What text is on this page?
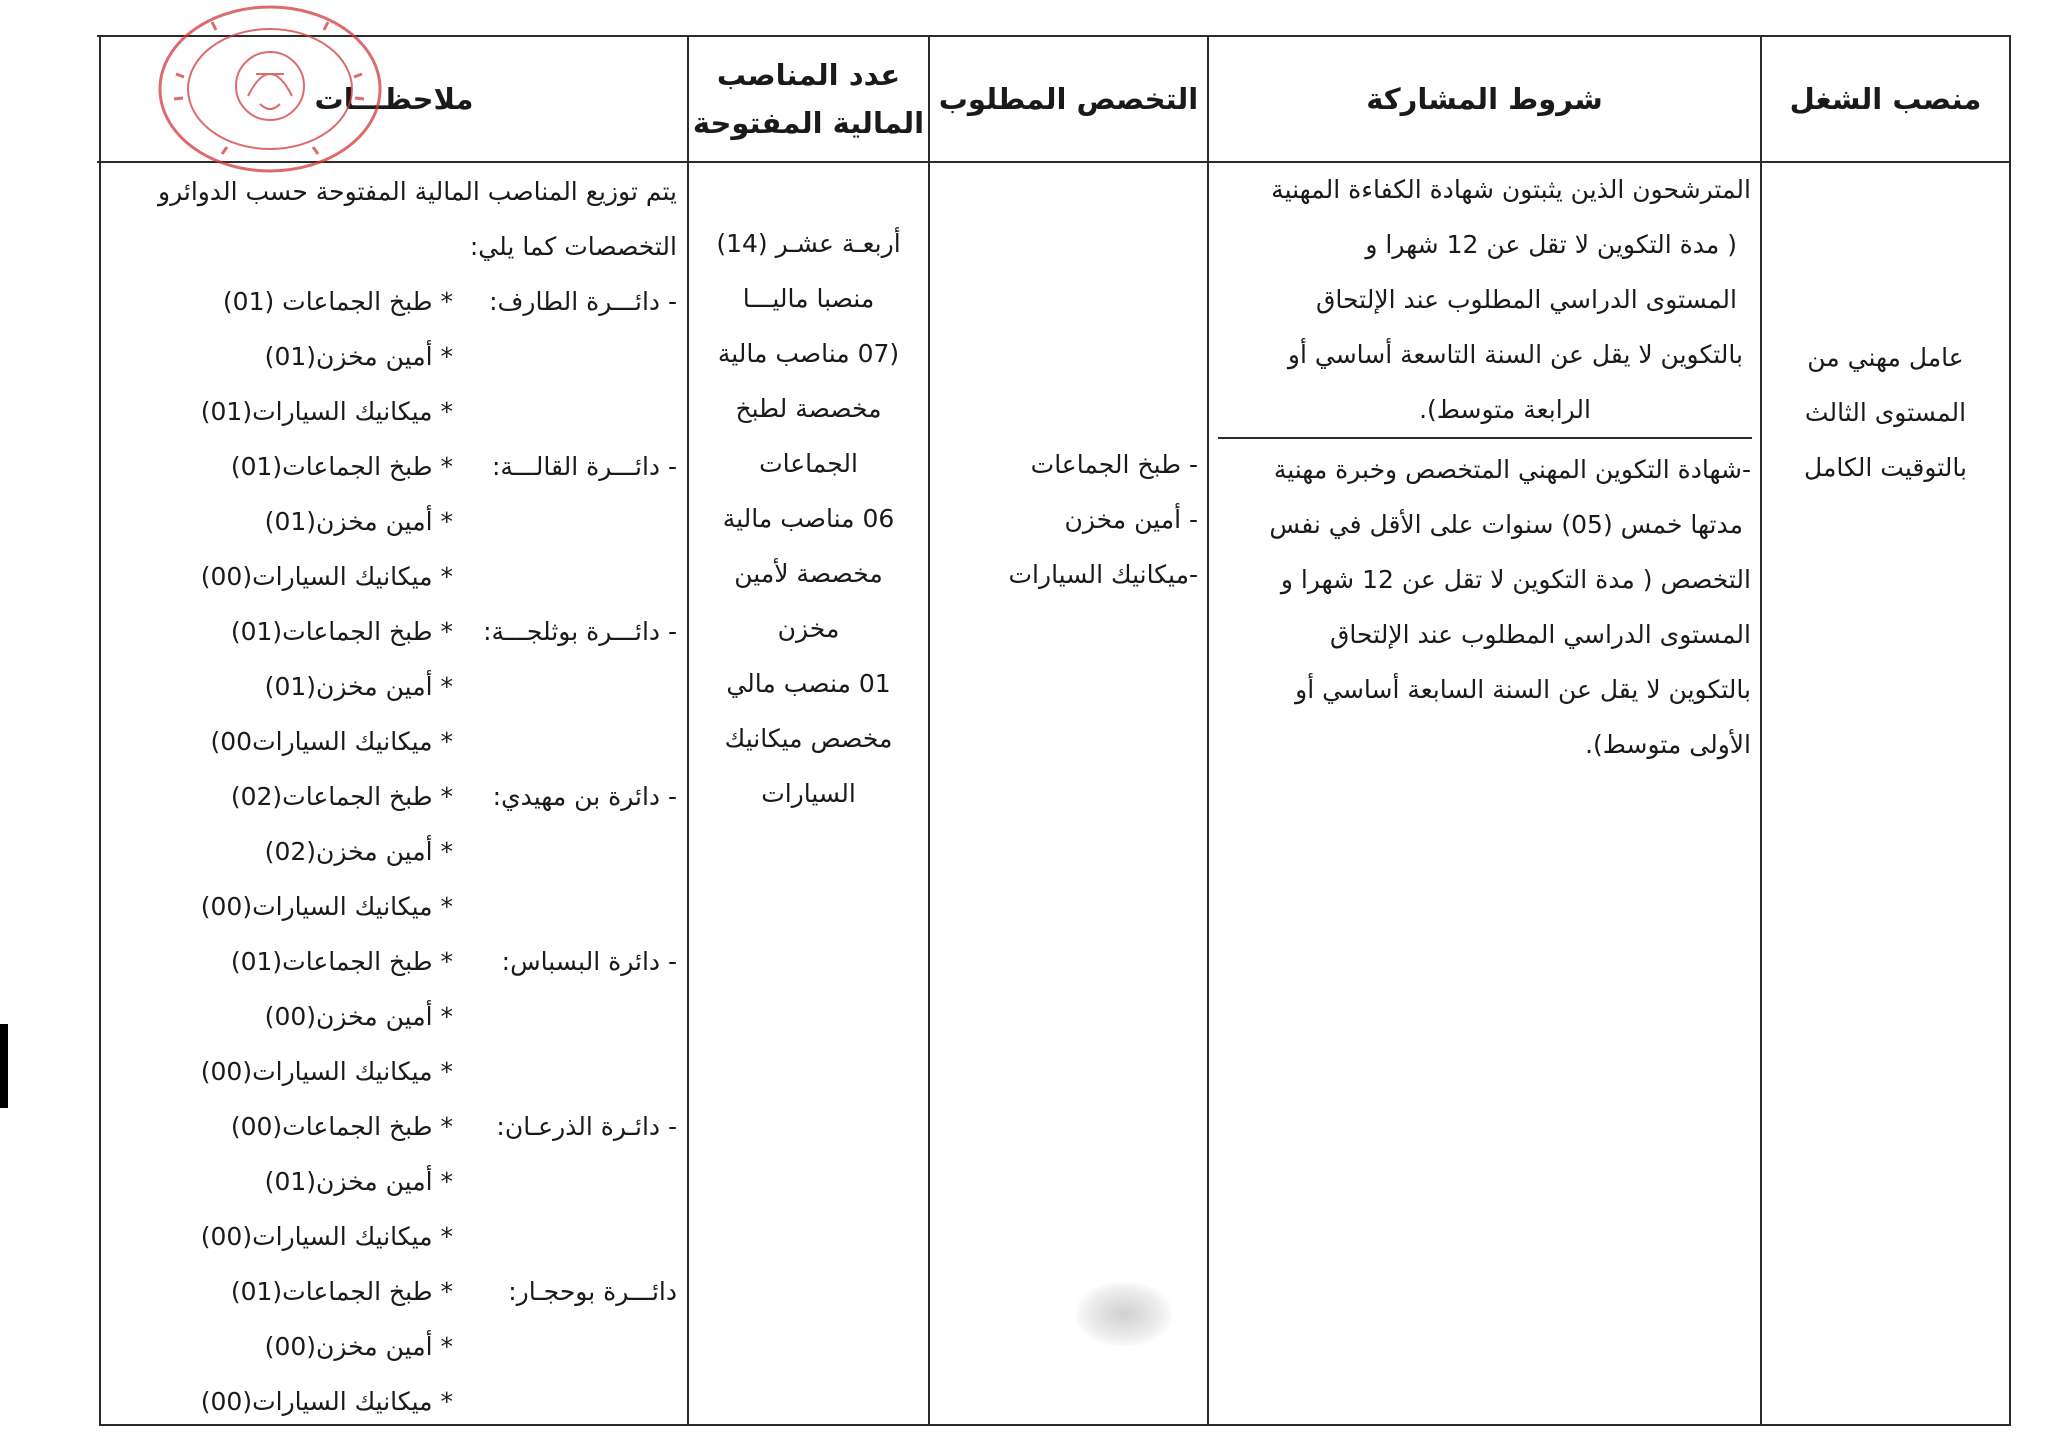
منصب الشغل
شروط المشاركة
التخصص المطلوب
عدد المناصب
المالية المفتوحة
ملاحظـــات
عامل مهني من
المستوى الثالث
بالتوقيت الكامل
المترشحون الذين يثبتون شهادة الكفاءة المهنية
( مدة التكوين لا تقل عن 12 شهرا و
المستوى الدراسي المطلوب عند الإلتحاق
بالتكوين لا يقل عن السنة التاسعة أساسي أو
الرابعة متوسط).
-شهادة التكوين المهني المتخصص وخبرة مهنية
مدتها خمس (05) سنوات على الأقل في نفس
التخصص ( مدة التكوين لا تقل عن 12 شهرا و
المستوى الدراسي المطلوب عند الإلتحاق
بالتكوين لا يقل عن السنة السابعة أساسي أو
الأولى متوسط).
- طبخ الجماعات
- أمين مخزن
-ميكانيك السيارات
أربعـة عشـر (14)
منصبا ماليـــا
(07 مناصب مالية
مخصصة لطبخ
الجماعات
06 مناصب مالية
مخصصة لأمين
مخزن
01 منصب مالي
مخصص ميكانيك
السيارات
يتم توزيع المناصب المالية المفتوحة حسب الدوائرو
التخصصات كما يلي:
- دائـــرة الطارف:
* طبخ الجماعات (01)
* أمين مخزن(01)
* ميكانيك السيارات(01)
- دائـــرة القالـــة:
* طبخ الجماعات(01)
* أمين مخزن(01)
* ميكانيك السيارات(00)
- دائـــرة بوثلجـــة:
* طبخ الجماعات(01)
* أمين مخزن(01)
* ميكانيك السيارات00)
- دائرة بن مهيدي:
* طبخ الجماعات(02)
* أمين مخزن(02)
* ميكانيك السيارات(00)
- دائرة البسباس:
* طبخ الجماعات(01)
* أمين مخزن(00)
* ميكانيك السيارات(00)
- دائـرة الذرعـان:
* طبخ الجماعات(00)
* أمين مخزن(01)
* ميكانيك السيارات(00)
دائـــرة بوحجـار:
* طبخ الجماعات(01)
* أمين مخزن(00)
* ميكانيك السيارات(00)
